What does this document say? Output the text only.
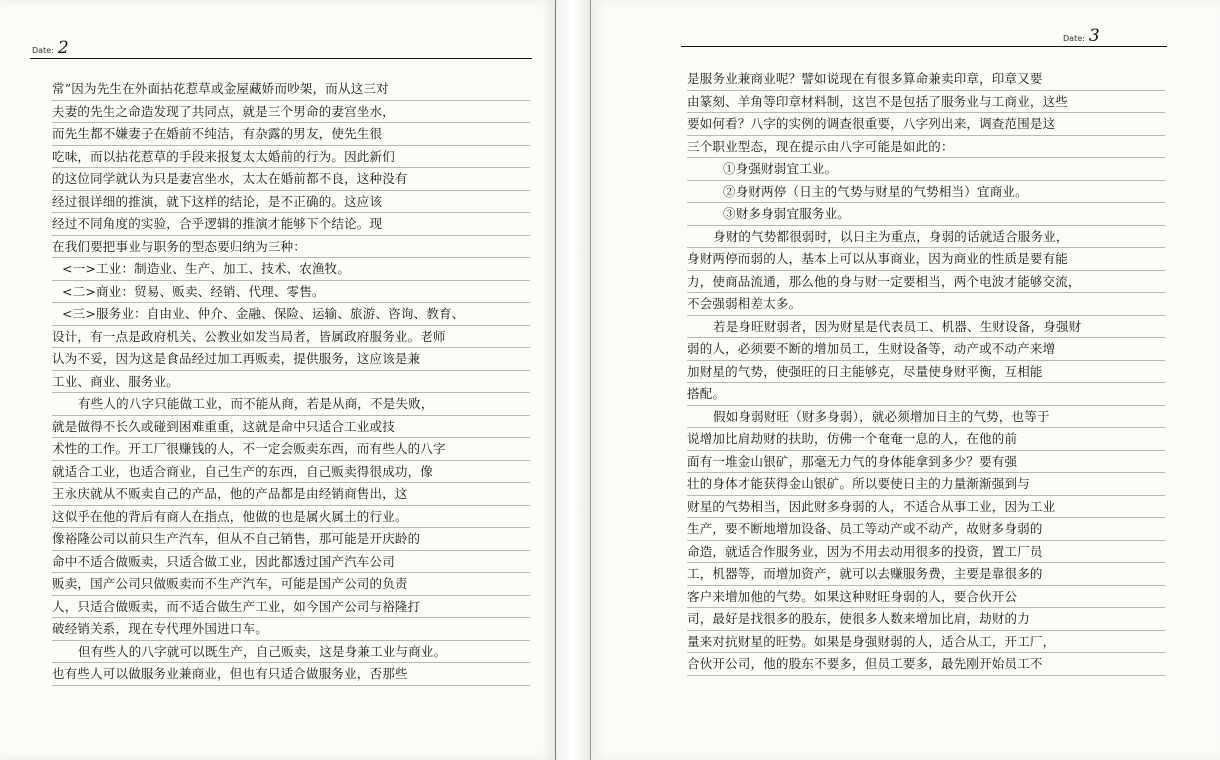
Date: 2
常”因为先生在外面拈花惹草或金屋藏娇而吵架，而从这三对
夫妻的先生之命造发现了共同点，就是三个男命的妻宫坐水，
而先生都不嫌妻子在婚前不纯洁，有杂露的男友，使先生很
吃味，而以拈花惹草的手段来报复太太婚前的行为。因此新们
的这位同学就认为只是妻宫坐水，太太在婚前都不良，这种没有
经过很详细的推演，就下这样的结论，是不正确的。这应该
经过不同角度的实验，合乎逻辑的推演才能够下个结论。现
在我们要把事业与职务的型态要归纳为三种：
<一>工业：制造业、生产、加工、技术、农渔牧。
<二>商业：贸易、贩卖、经销、代理、零售。
<三>服务业：自由业、仲介、金融、保险、运输、旅游、咨询、教育、
设计，有一点是政府机关、公教业如发当局者，皆属政府服务业。老师
认为不妥，因为这是食品经过加工再贩卖，提供服务，这应该是兼
工业、商业、服务业。
有些人的八字只能做工业，而不能从商，若是从商，不是失败，
就是做得不长久或碰到困难重重，这就是命中只适合工业或技
术性的工作。开工厂很赚钱的人，不一定会贩卖东西，而有些人的八字
就适合工业，也适合商业，自己生产的东西，自己贩卖得很成功，像
王永庆就从不贩卖自己的产品，他的产品都是由经销商售出，这
这似乎在他的背后有商人在指点，他做的也是属火属土的行业。
像裕隆公司以前只生产汽车，但从不自己销售，那可能是开庆龄的
命中不适合做贩卖，只适合做工业，因此都透过国产汽车公司
贩卖，国产公司只做贩卖而不生产汽车，可能是国产公司的负责
人，只适合做贩卖，而不适合做生产工业，如今国产公司与裕隆打
破经销关系，现在专代理外国进口车。
但有些人的八字就可以既生产，自己贩卖，这是身兼工业与商业。
也有些人可以做服务业兼商业，但也有只适合做服务业，否那些
Date: 3
是服务业兼商业呢？譬如说现在有很多算命兼卖印章，印章又要
由篆刻、羊角等印章材料制，这岂不是包括了服务业与工商业，这些
要如何看？八字的实例的调查很重要，八字列出来，调查范围是这
三个职业型态，现在提示由八字可能是如此的：
①身强财弱宜工业。
②身财两停（日主的气势与财星的气势相当）宜商业。
③财多身弱宜服务业。
身财的气势都很弱时，以日主为重点，身弱的话就适合服务业，
身财两停而弱的人，基本上可以从事商业，因为商业的性质是要有能
力，使商品流通，那么他的身与财一定要相当，两个电波才能够交流，
不会强弱相差太多。
若是身旺财弱者，因为财星是代表员工、机器、生财设备，身强财
弱的人，必须要不断的增加员工，生财设备等，动产或不动产来增
加财星的气势，使强旺的日主能够克，尽量使身财平衡，互相能
搭配。
假如身弱财旺（财多身弱），就必须增加日主的气势，也等于
说增加比肩劫财的扶助，仿佛一个奄奄一息的人，在他的前
面有一堆金山银矿，那毫无力气的身体能拿到多少？要有强
壮的身体才能获得金山银矿。所以要使日主的力量渐渐强到与
财星的气势相当，因此财多身弱的人，不适合从事工业，因为工业
生产，要不断地增加设备、员工等动产或不动产，故财多身弱的
命造，就适合作服务业，因为不用去动用很多的投资，置工厂员
工，机器等，而增加资产，就可以去赚服务费，主要是靠很多的
客户来增加他的气势。如果这种财旺身弱的人，要合伙开公
司，最好是找很多的股东，使很多人数来增加比肩，劫财的力
量来对抗财星的旺势。如果是身强财弱的人，适合从工，开工厂，
合伙开公司，他的股东不要多，但员工要多，最先刚开始员工不
